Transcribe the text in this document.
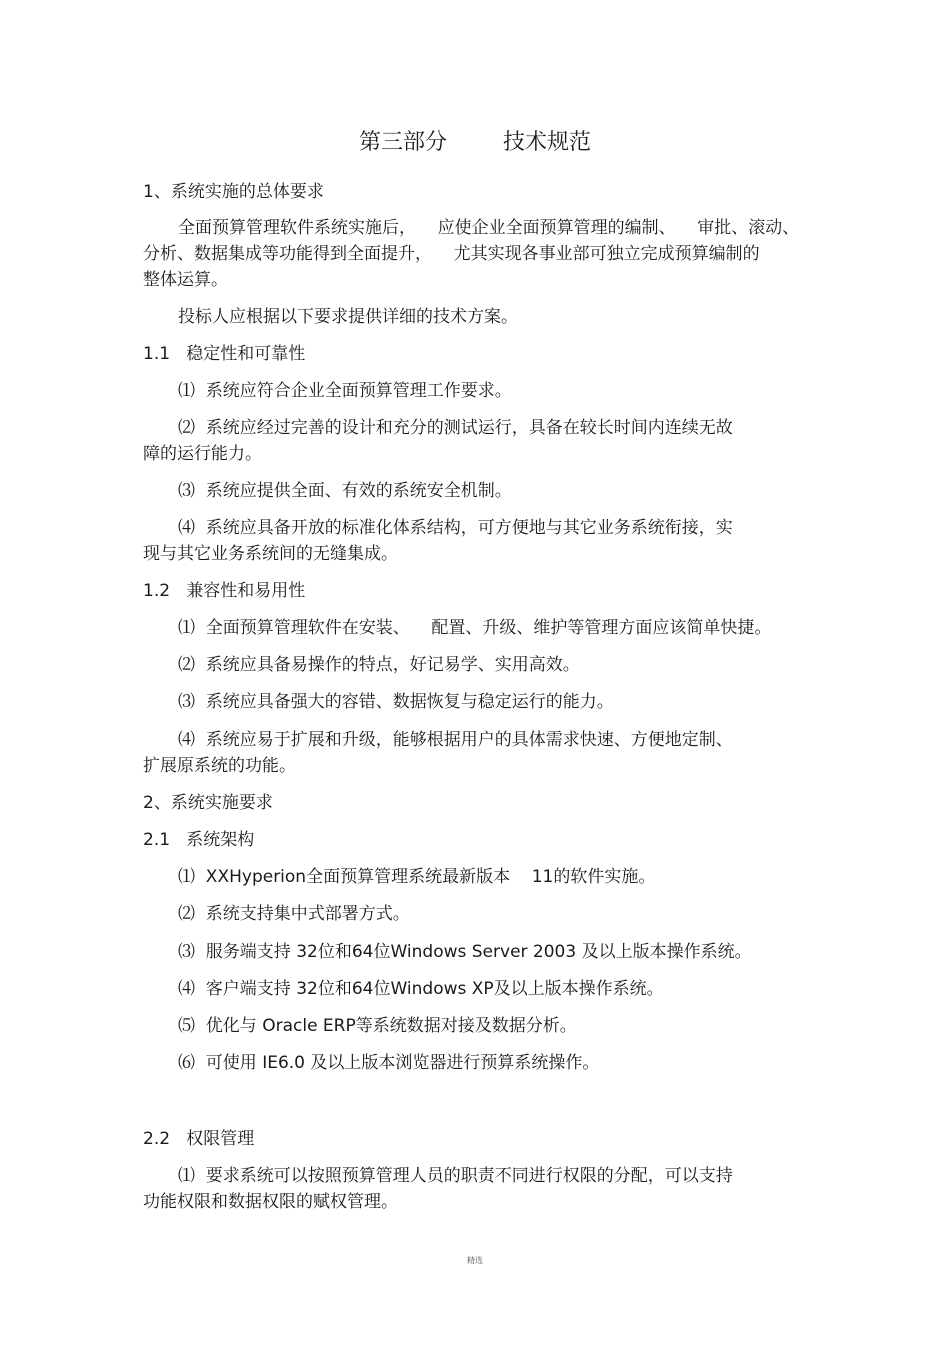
第三部分        技术规范
1、系统实施的总体要求
全面预算管理软件系统实施后，    应使企业全面预算管理的编制、    审批、滚动、
分析、数据集成等功能得到全面提升，    尤其实现各事业部可独立完成预算编制的
整体运算。
投标人应根据以下要求提供详细的技术方案。
1.1   稳定性和可靠性
⑴  系统应符合企业全面预算管理工作要求。
⑵  系统应经过完善的设计和充分的测试运行，具备在较长时间内连续无故
障的运行能力。
⑶  系统应提供全面、有效的系统安全机制。
⑷  系统应具备开放的标准化体系结构，可方便地与其它业务系统衔接，实
现与其它业务系统间的无缝集成。
1.2   兼容性和易用性
⑴  全面预算管理软件在安装、    配置、升级、维护等管理方面应该简单快捷。
⑵  系统应具备易操作的特点，好记易学、实用高效。
⑶  系统应具备强大的容错、数据恢复与稳定运行的能力。
⑷  系统应易于扩展和升级，能够根据用户的具体需求快速、方便地定制、
扩展原系统的功能。
2、系统实施要求
2.1   系统架构
⑴  XXHyperion全面预算管理系统最新版本    11的软件实施。
⑵  系统支持集中式部署方式。
⑶  服务端支持 32位和64位Windows Server 2003 及以上版本操作系统。
⑷  客户端支持 32位和64位Windows XP及以上版本操作系统。
⑸  优化与 Oracle ERP等系统数据对接及数据分析。
⑹  可使用 IE6.0 及以上版本浏览器进行预算系统操作。
2.2   权限管理
⑴  要求系统可以按照预算管理人员的职责不同进行权限的分配，可以支持
功能权限和数据权限的赋权管理。
精选
